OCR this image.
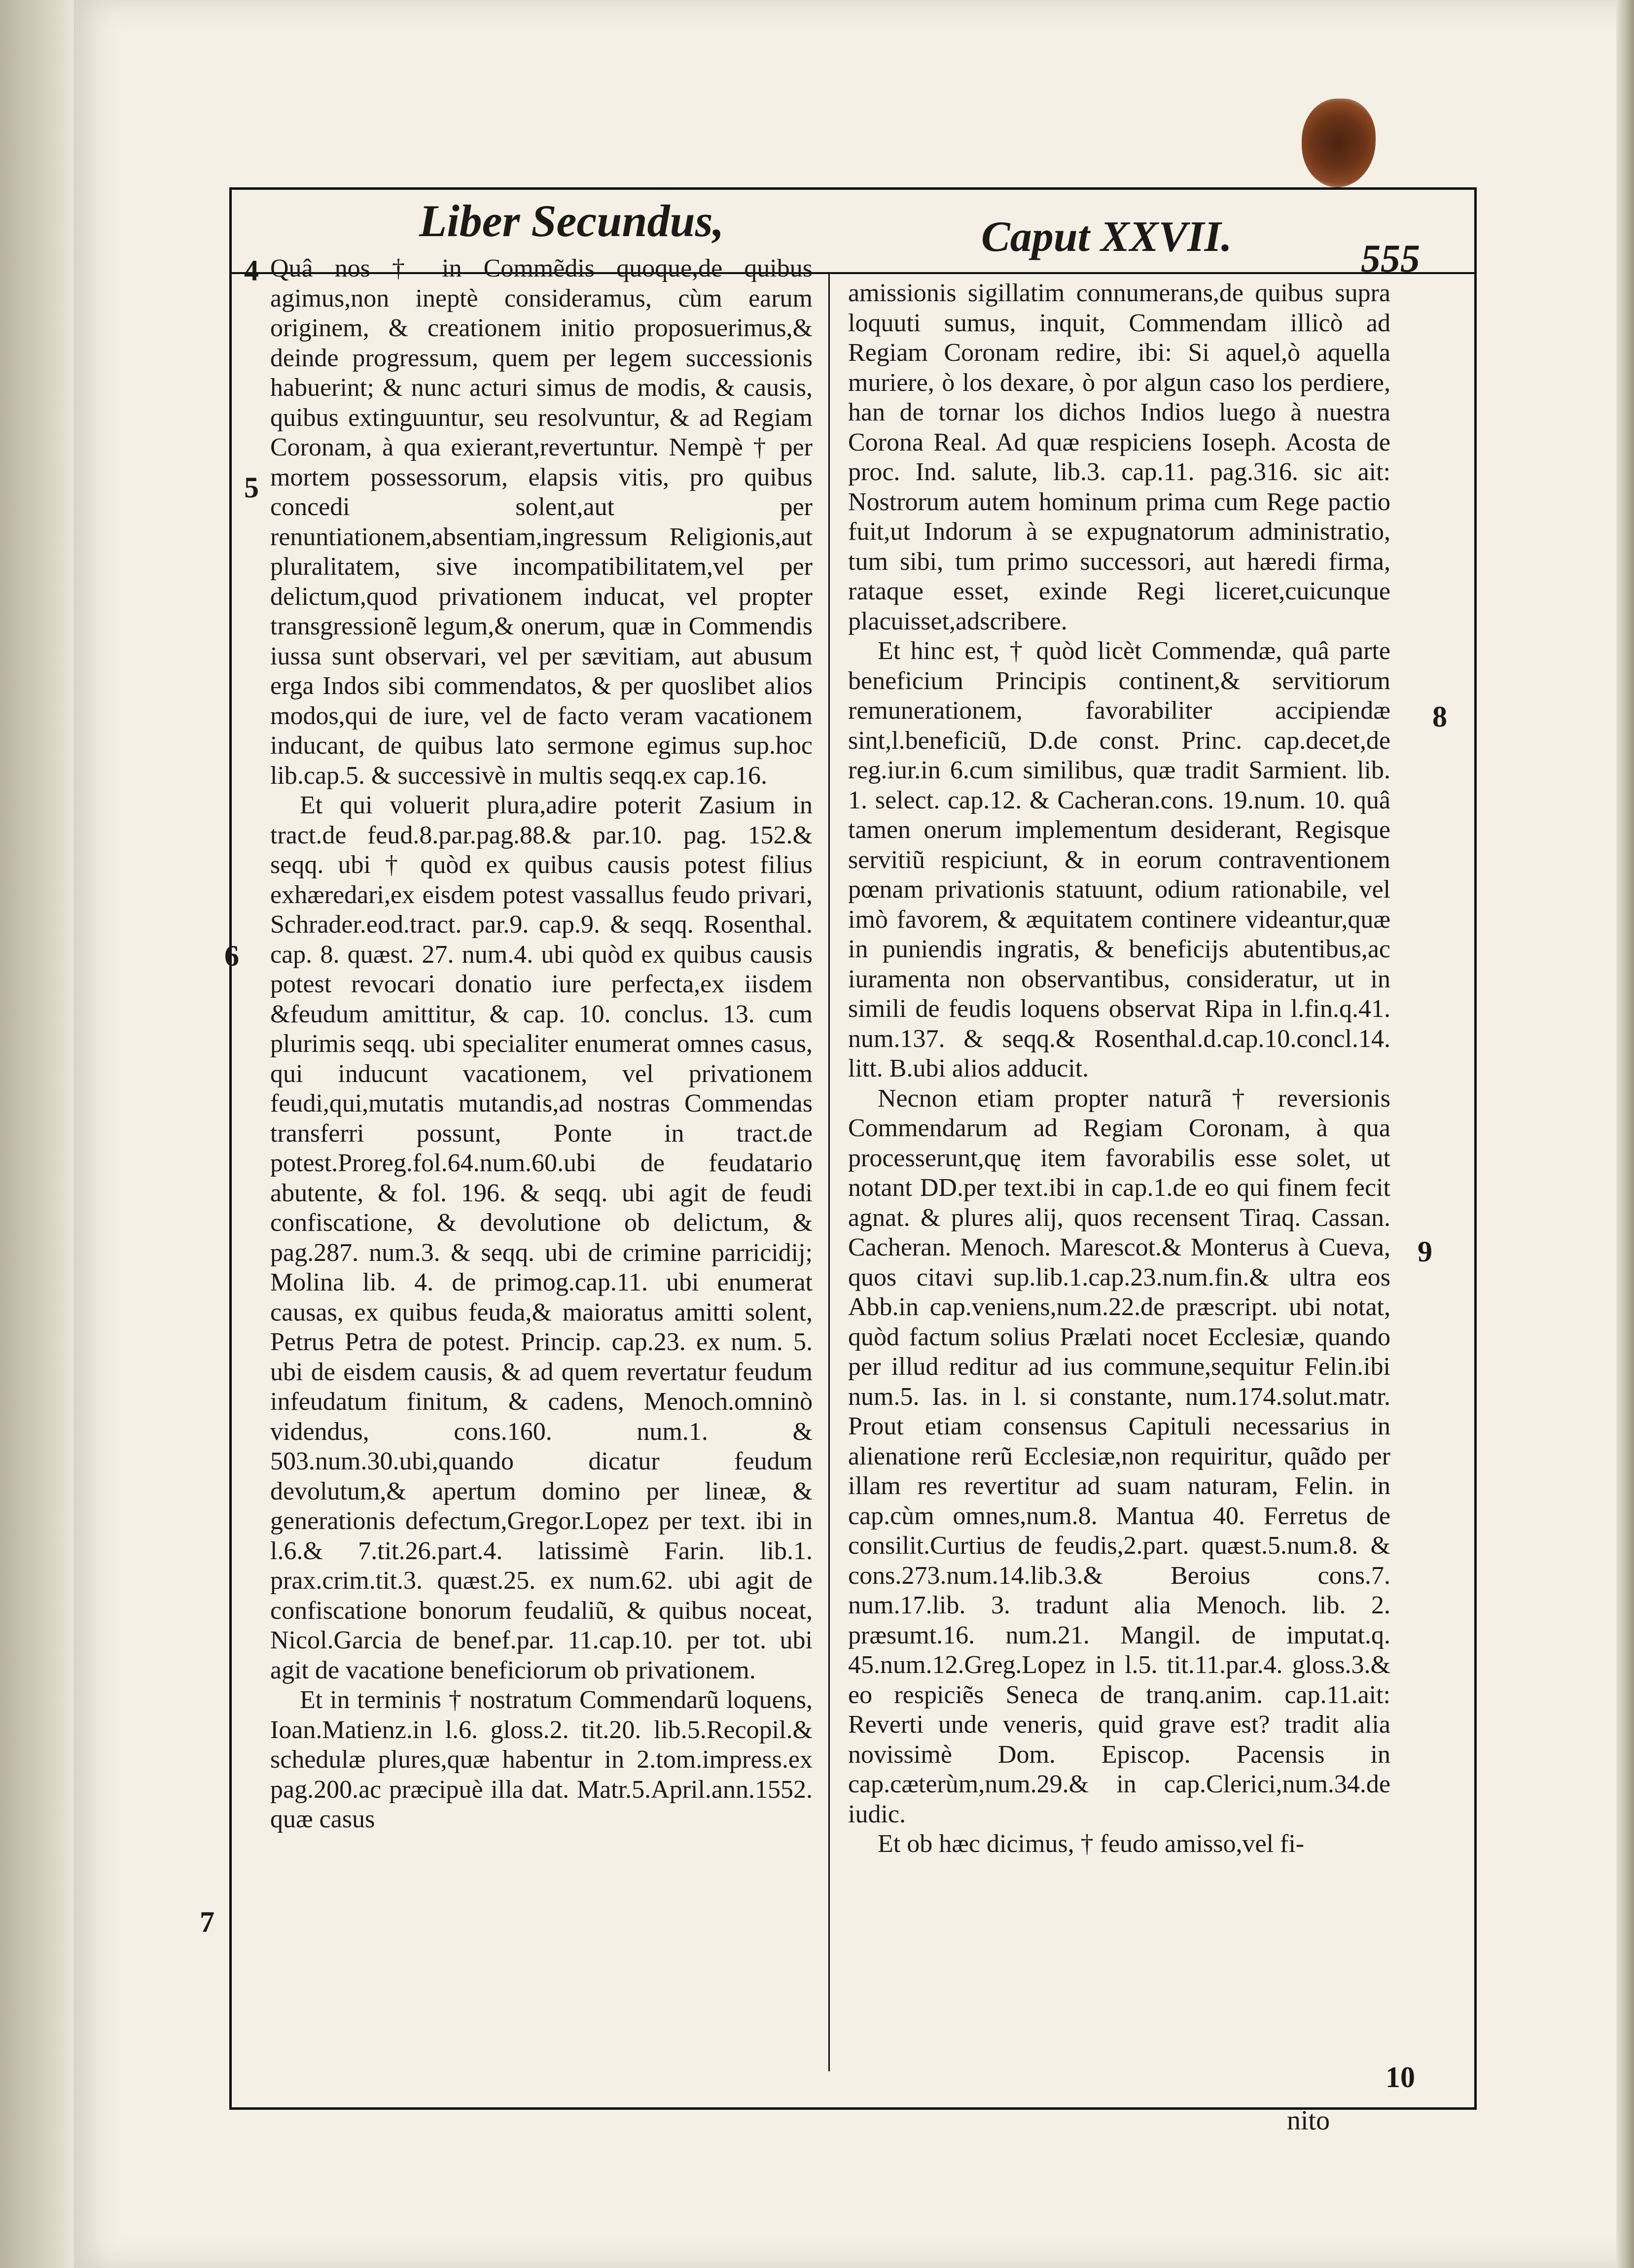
Liber Secundus,	Caput XXVII.	555

Quâ nos † in Commẽdis quoque,de quibus agimus,non ineptè consideramus, cùm earum originem, & creationem initio proposuerimus,& deinde progressum, quem per legem successionis habuerint; & nunc acturi simus de modis, & causis, quibus extinguuntur, seu resolvuntur, & ad Regiam Coronam, à qua exierant,revertuntur. Nempè † per mortem possessorum, elapsis vitis, pro quibus concedi solent,aut per renuntiationem,absentiam,ingressum Religionis,aut pluralitatem, sive incompatibilitatem,vel per delictum,quod privationem inducat, vel propter transgressionẽ legum,& onerum, quæ in Commendis iussa sunt observari, vel per sævitiam, aut abusum erga Indos sibi commendatos, & per quoslibet alios modos,qui de iure, vel de facto veram vacationem inducant, de quibus lato sermone egimus sup.hoc lib.cap.5. & successivè in multis seqq.ex cap.16.

Et qui voluerit plura,adire poterit Zasium in tract.de feud.8.par.pag.88.& par.10. pag. 152.& seqq. ubi † quòd ex quibus causis potest filius exhæredari,ex eisdem potest vassallus feudo privari, Schrader.eod.tract. par.9. cap.9. & seqq. Rosenthal. cap. 8. quæst. 27. num.4. ubi quòd ex quibus causis potest revocari donatio iure perfecta,ex iisdem &feudum amittitur, & cap. 10. conclus. 13. cum plurimis seqq. ubi specialiter enumerat omnes casus, qui inducunt vacationem, vel privationem feudi,qui,mutatis mutandis,ad nostras Commendas transferri possunt, Ponte in tract.de potest.Proreg.fol.64.num.60.ubi de feudatario abutente, & fol. 196. & seqq. ubi agit de feudi confiscatione, & devolutione ob delictum, & pag.287. num.3. & seqq. ubi de crimine parricidij; Molina lib. 4. de primog.cap.11. ubi enumerat causas, ex quibus feuda,& maioratus amitti solent, Petrus Petra de potest. Princip. cap.23. ex num. 5. ubi de eisdem causis, & ad quem revertatur feudum infeudatum finitum, & cadens, Menoch.omninò videndus, cons.160. num.1. & 503.num.30.ubi,quando dicatur feudum devolutum,& apertum domino per lineæ, & generationis defectum,Gregor.Lopez per text. ibi in l.6.& 7.tit.26.part.4. latissimè Farin. lib.1. prax.crim.tit.3. quæst.25. ex num.62. ubi agit de confiscatione bonorum feudaliũ, & quibus noceat, Nicol.Garcia de benef.par. 11.cap.10. per tot. ubi agit de vacatione beneficiorum ob privationem.

Et in terminis † nostratum Commendarũ loquens, Ioan.Matienz.in l.6. gloss.2. tit.20. lib.5.Recopil.& schedulæ plures,quæ habentur in 2.tom.impress.ex pag.200.ac præcipuè illa dat. Matr.5.April.ann.1552. quæ casus

amissionis sigillatim connumerans,de quibus supra loquuti sumus, inquit, Commendam illicò ad Regiam Coronam redire, ibi: Si aquel,ò aquella muriere, ò los dexare, ò por algun caso los perdiere, han de tornar los dichos Indios luego à nuestra Corona Real. Ad quæ respiciens Ioseph. Acosta de proc. Ind. salute, lib.3. cap.11. pag.316. sic ait: Nostrorum autem hominum prima cum Rege pactio fuit,ut Indorum à se expugnatorum administratio, tum sibi, tum primo successori, aut hæredi firma, rataque esset, exinde Regi liceret,cuicunque placuisset,adscribere.

Et hinc est, † quòd licèt Commendæ, quâ parte beneficium Principis continent,& servitiorum remunerationem, favorabiliter accipiendæ sint,l.beneficiũ, D.de const. Princ. cap.decet,de reg.iur.in 6.cum similibus, quæ tradit Sarmient. lib. 1. select. cap.12. & Cacheran.cons. 19.num. 10. quâ tamen onerum implementum desiderant, Regisque servitiũ respiciunt, & in eorum contraventionem pœnam privationis statuunt, odium rationabile, vel imò favorem, & æquitatem continere videantur,quæ in puniendis ingratis, & beneficijs abutentibus,ac iuramenta non observantibus, consideratur, ut in simili de feudis loquens observat Ripa in l.fin.q.41. num.137. & seqq.& Rosenthal.d.cap.10.concl.14. litt. B.ubi alios adducit.

Necnon etiam propter naturã † reversionis Commendarum ad Regiam Coronam, à qua processerunt,quę item favorabilis esse solet, ut notant DD.per text.ibi in cap.1.de eo qui finem fecit agnat. & plures alij, quos recensent Tiraq. Cassan. Cacheran. Menoch. Marescot.& Monterus à Cueva, quos citavi sup.lib.1.cap.23.num.fin.& ultra eos Abb.in cap.veniens,num.22.de præscript. ubi notat, quòd factum solius Prælati nocet Ecclesiæ, quando per illud reditur ad ius commune,sequitur Felin.ibi num.5. Ias. in l. si constante, num.174.solut.matr. Prout etiam consensus Capituli necessarius in alienatione rerũ Ecclesiæ,non requiritur, quãdo per illam res revertitur ad suam naturam, Felin. in cap.cùm omnes,num.8. Mantua 40. Ferretus de consilit.Curtius de feudis,2.part. quæst.5.num.8. & cons.273.num.14.lib.3.& Beroius cons.7. num.17.lib. 3. tradunt alia Menoch. lib. 2. præsumt.16. num.21. Mangil. de imputat.q. 45.num.12.Greg.Lopez in l.5. tit.11.par.4. gloss.3.& eo respiciẽs Seneca de tranq.anim. cap.11.ait: Reverti unde veneris, quid grave est? tradit alia novissimè Dom. Episcop. Pacensis in cap.cæterùm,num.29.& in cap.Clerici,num.34.de iudic.

Et ob hæc dicimus, † feudo amisso,vel fi-

4
5
6
7
8
9
10
nito
